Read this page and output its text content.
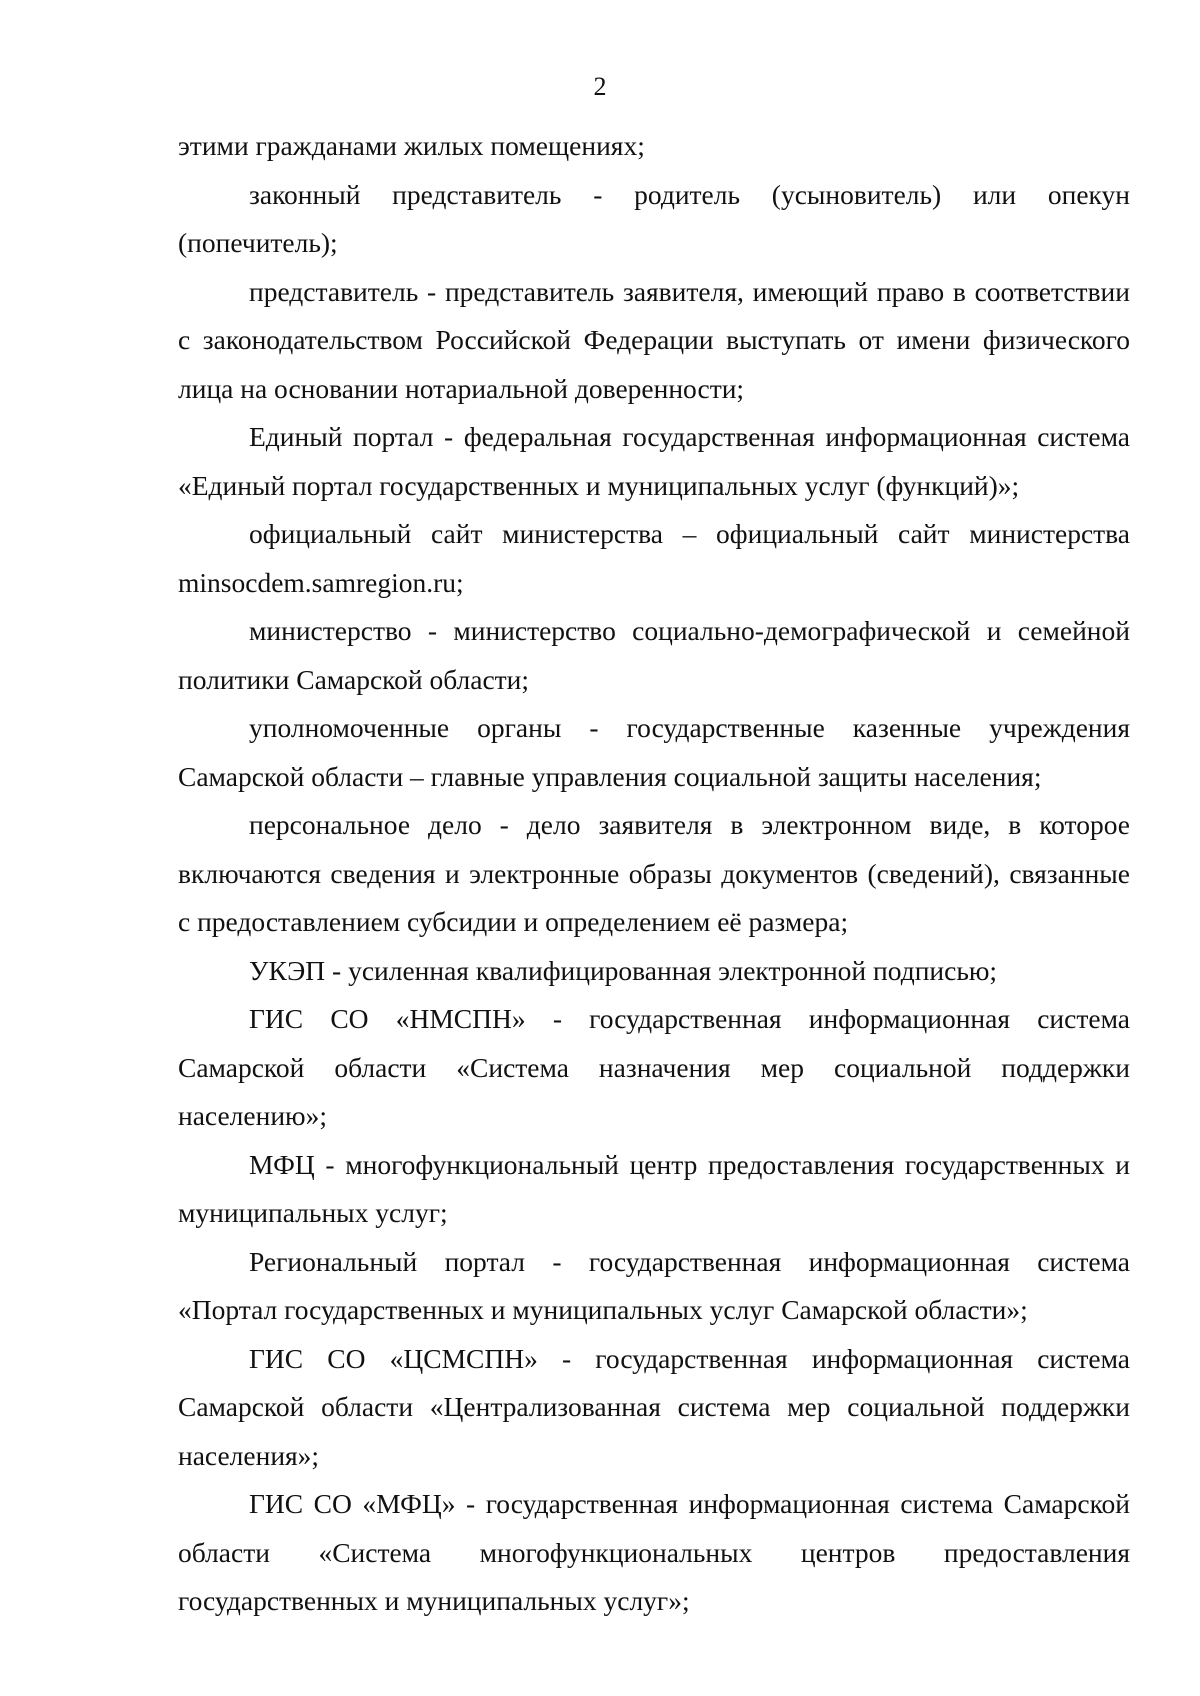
2

этими гражданами жилых помещениях;

законный представитель - родитель (усыновитель) или опекун (попечитель);

представитель - представитель заявителя, имеющий право в соответствии с законодательством Российской Федерации выступать от имени физического лица на основании нотариальной доверенности;

Единый портал - федеральная государственная информационная система «Единый портал государственных и муниципальных услуг (функций)»;

официальный сайт министерства – официальный сайт министерства minsocdem.samregion.ru;

министерство - министерство социально-демографической и семейной политики Самарской области;

уполномоченные органы - государственные казенные учреждения Самарской области – главные управления социальной защиты населения;

персональное дело - дело заявителя в электронном виде, в которое включаются сведения и электронные образы документов (сведений), связанные с предоставлением субсидии и определением её размера;

УКЭП - усиленная квалифицированная электронной подписью;

ГИС СО «НМСПН» - государственная информационная система Самарской области «Система назначения мер социальной поддержки населению»;

МФЦ - многофункциональный центр предоставления государственных и муниципальных услуг;

Региональный портал - государственная информационная система «Портал государственных и муниципальных услуг Самарской области»;

ГИС СО «ЦСМСПН» - государственная информационная система Самарской области «Централизованная система мер социальной поддержки населения»;

ГИС СО «МФЦ» - государственная информационная система Самарской области «Система многофункциональных центров предоставления государственных и муниципальных услуг»;
